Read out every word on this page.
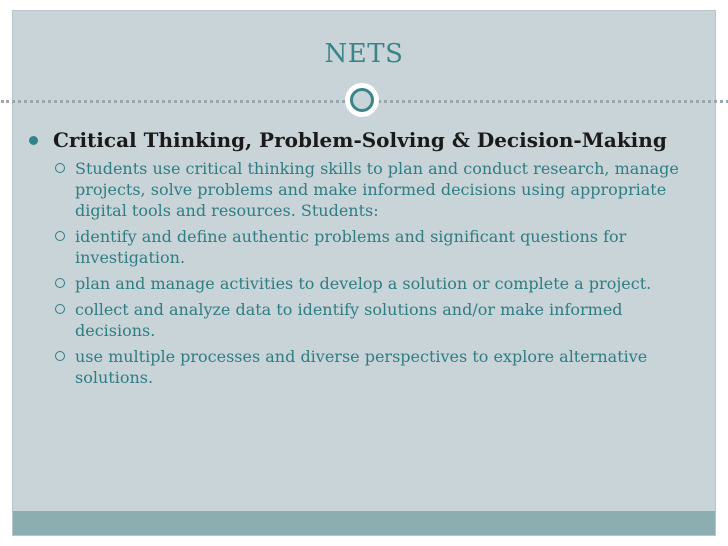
NETS
Critical Thinking, Problem-Solving & Decision-Making
Students use critical thinking skills to plan and conduct research, manage projects, solve problems and make informed decisions using appropriate digital tools and resources. Students:
identify and define authentic problems and significant questions for investigation.
plan and manage activities to develop a solution or complete a project.
collect and analyze data to identify solutions and/or make informed decisions.
use multiple processes and diverse perspectives to explore alternative solutions.
